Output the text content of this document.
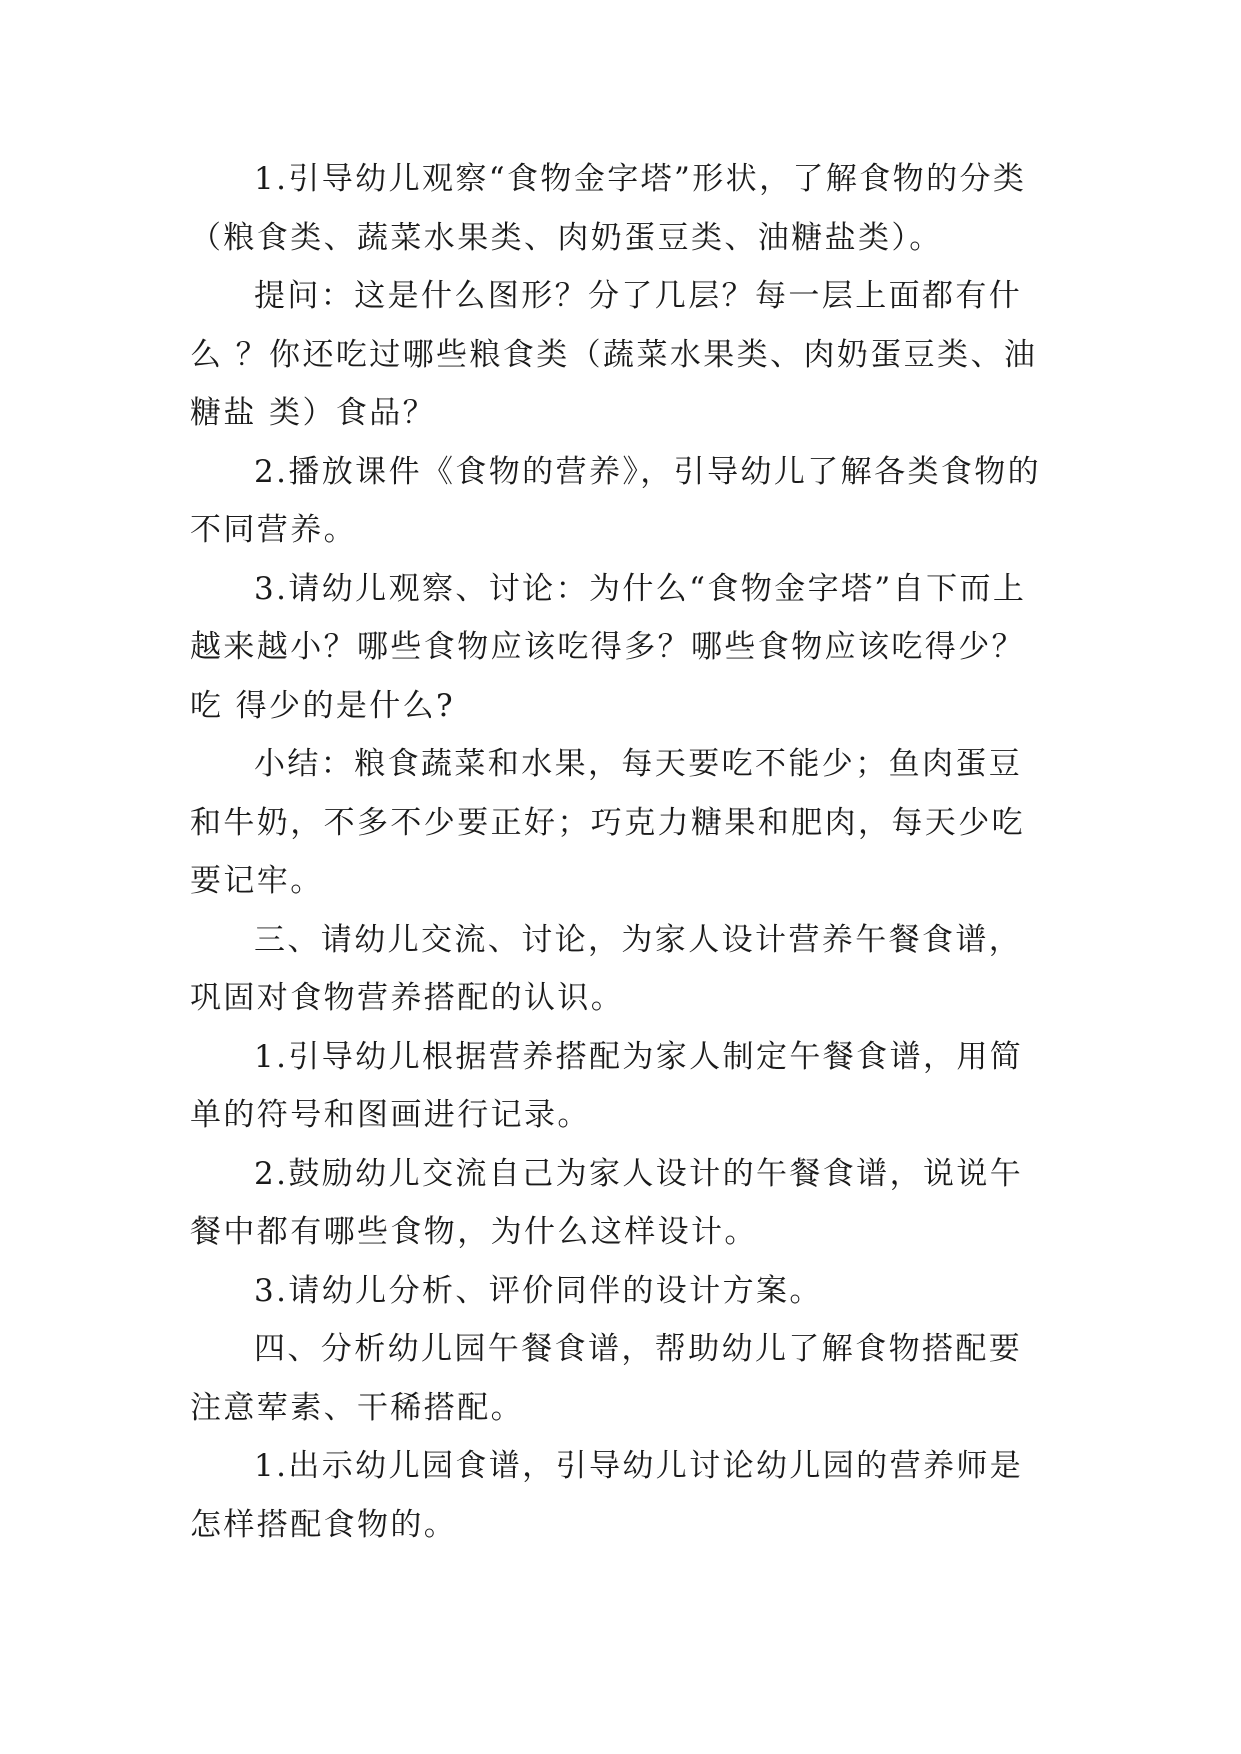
1.引导幼儿观察“食物金字塔”形状，了解食物的分类（粮食类、蔬菜水果类、肉奶蛋豆类、油糖盐类）。

提问：这是什么图形？分了几层？每一层上面都有什么 ？你还吃过哪些粮食类（蔬菜水果类、肉奶蛋豆类、油糖盐 类）食品？

2.播放课件《食物的营养》，引导幼儿了解各类食物的不同营养。

3.请幼儿观察、讨论：为什么“食物金字塔”自下而上越来越小？哪些食物应该吃得多？哪些食物应该吃得少？吃 得少的是什么?

小结：粮食蔬菜和水果，每天要吃不能少；鱼肉蛋豆和牛奶，不多不少要正好；巧克力糖果和肥肉，每天少吃要记牢。

三、请幼儿交流、讨论，为家人设计营养午餐食谱，巩固对食物营养搭配的认识。

1.引导幼儿根据营养搭配为家人制定午餐食谱，用简单的符号和图画进行记录。

2.鼓励幼儿交流自己为家人设计的午餐食谱，说说午餐中都有哪些食物，为什么这样设计。

3.请幼儿分析、评价同伴的设计方案。

四、分析幼儿园午餐食谱，帮助幼儿了解食物搭配要注意荤素、干稀搭配。

1.出示幼儿园食谱，引导幼儿讨论幼儿园的营养师是怎样搭配食物的。
